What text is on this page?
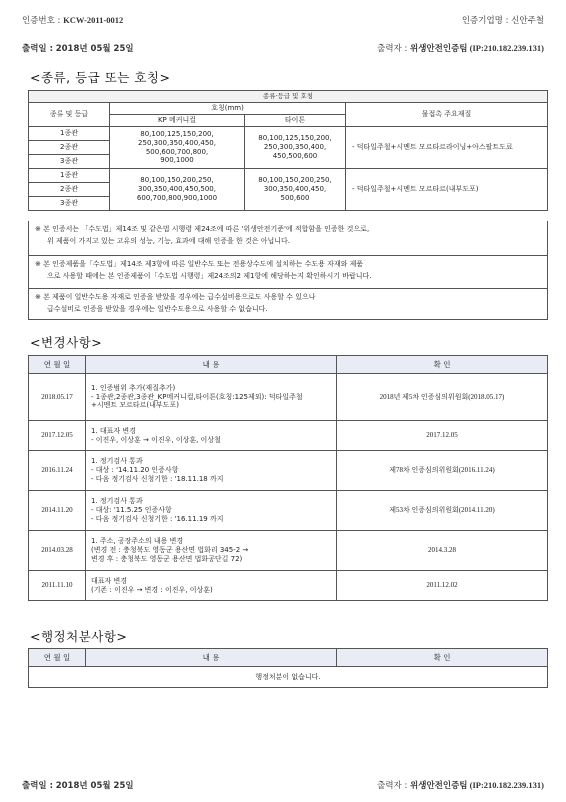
인증번호 : KCW-2011-0012	인증기업명 : 신안주철
출력일 : 2018년 05월 25일	출력자 : 위생안전인증팀 (IP:210.182.239.131)
<종류, 등급 또는 호칭>
종류·등급 및 호칭			
종류 및 등급	호칭(mm)		물접촉 주요재질
	KP 메커니컬	타이튼	
1종관	80,100,125,150,200,
250,300,350,400,450,
500,600,700,800,
900,1000	80,100,125,150,200,
250,300,350,400,
450,500,600	- 덕타일주철+시멘트 모르타르라이닝+아스팔트도료
2종관			
3종관			
1종관	80,100,150,200,250,
300,350,400,450,500,
600,700,800,900,1000	80,100,150,200,250,
300,350,400,450,
500,600	- 덕타일주철+시멘트 모르타르(내부도포)
2종관			
3종관			
※ 본 인증서는 「수도법」제14조 및 같은법 시행령 제24조에 따른 '위생안전기준'에 적합함을 인증한 것으로,
위 제품이 가지고 있는 고유의 성능, 기능, 효과에 대해 인증을 한 것은 아닙니다.
※ 본 인증제품을「수도법」제14조 제3항에 따른 일반수도 또는 전용상수도에 설치하는 수도용 자재와 제품
으로 사용할 때에는 본 인증제품이「수도법 시행령」제24조의2 제1항에 해당하는지 확인하시기 바랍니다.
※ 본 제품이 일반수도용 자재로 인증을 받았을 경우에는 급수설비용으로도 사용할 수 있으나
급수설비로 인증을 받았을 경우에는 일반수도용으로 사용할 수 없습니다.
<변경사항>
연 월 일	내 용	확 인
2018.05.17	1. 인증범위 추가(재질추가)
- 1종관,2종관,3종관_KP메커니컬,타이튼(호칭:125제외): 덕타일주철
+시멘트 모르타르(내부도포)	2018년 제5차 인증심의위원회(2018.05.17)
2017.12.05	1. 대표자 변경
- 이진우, 이상훈 → 이진우, 이상훈, 이상철	2017.12.05
2016.11.24	1. 정기검사 통과
- 대상 : '14.11.20 인증사항
- 다음 정기검사 신청기한 : '18.11.18 까지	제78차 인증심의위원회(2016.11.24)
2014.11.20	1. 정기검사 통과
- 대상: '11.5.25 인증사항
- 다음 정기검사 신청기한 : '16.11.19 까지	제53차 인증심의위원회(2014.11.20)
2014.03.28	1. 주소, 공장주소의 내용 변경
(변경 전 : 충청북도 영동군 용산면 법화리 345-2 →
변경 후 : 충청북도 영동군 용산면 법화공단길 72)	2014.3.28
2011.11.10	대표자 변경
(기존 : 이진우 → 변경 : 이진우, 이상훈)	2011.12.02
<행정처분사항>
연 월 일	내 용	확 인
행정처분이 없습니다.
출력일 : 2018년 05월 25일	출력자 : 위생안전인증팀 (IP:210.182.239.131)
